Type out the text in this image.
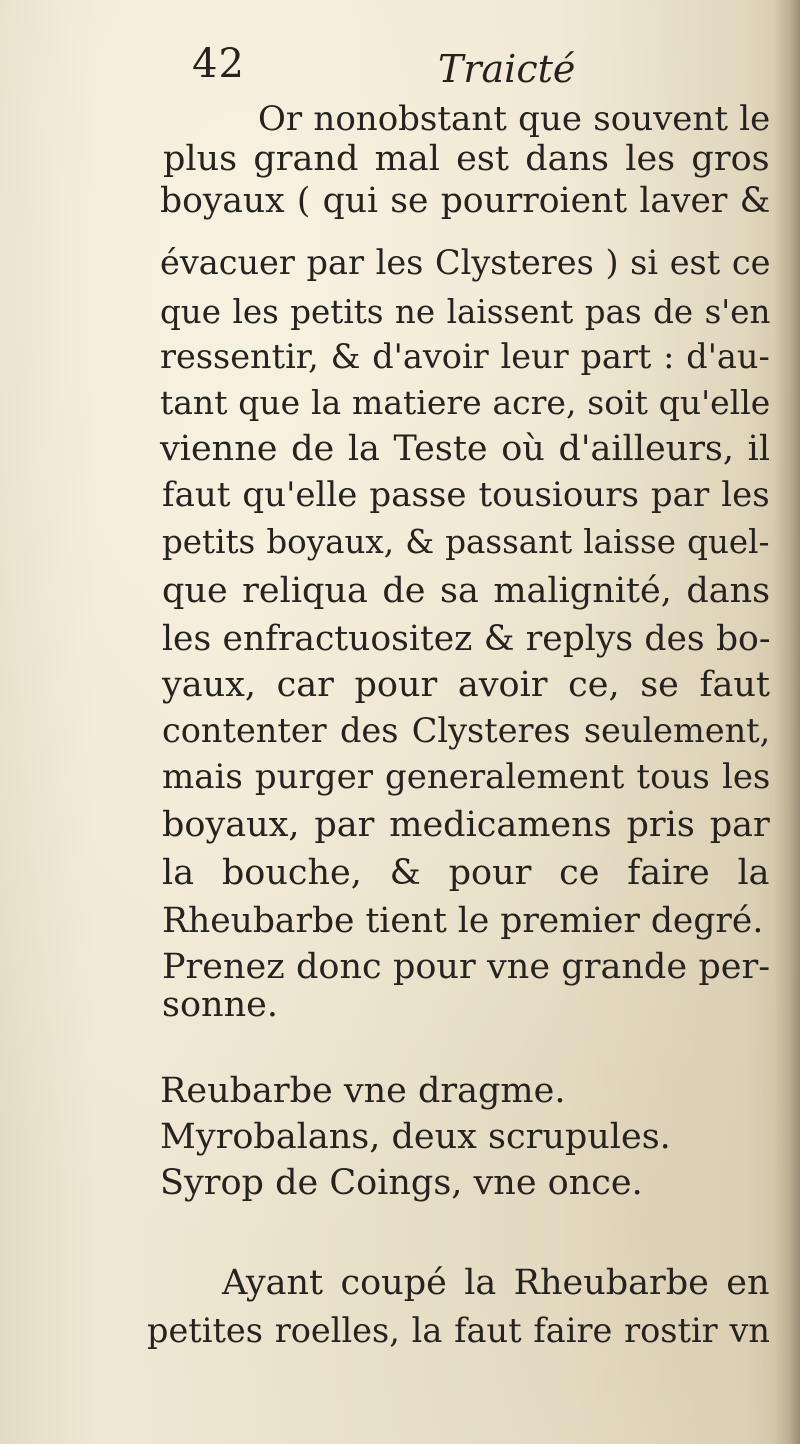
42	Traicté

Or nonobstant que souvent le

plus grand mal est dans les gros

boyaux ( qui se pourroient laver &

évacuer par les Clysteres ) si est ce

que les petits ne laissent pas de s'en

ressentir, & d'avoir leur part : d'au-

tant que la matiere acre, soit qu'elle

vienne de la Teste où d'ailleurs, il

faut qu'elle passe tousiours par les

petits boyaux, & passant laisse quel-

que reliqua de sa malignité, dans

les enfractuositez & replys des bo-

yaux, car pour avoir ce, se faut

contenter des Clysteres seulement,

mais purger generalement tous les

boyaux, par medicamens pris par

la bouche, & pour ce faire la

Rheubarbe tient le premier degré.

Prenez donc pour vne grande per-

sonne.

Reubarbe vne dragme.

Myrobalans, deux scrupules.

Syrop de Coings, vne once.

Ayant coupé la Rheubarbe en

petites roelles, la faut faire rostir vn
